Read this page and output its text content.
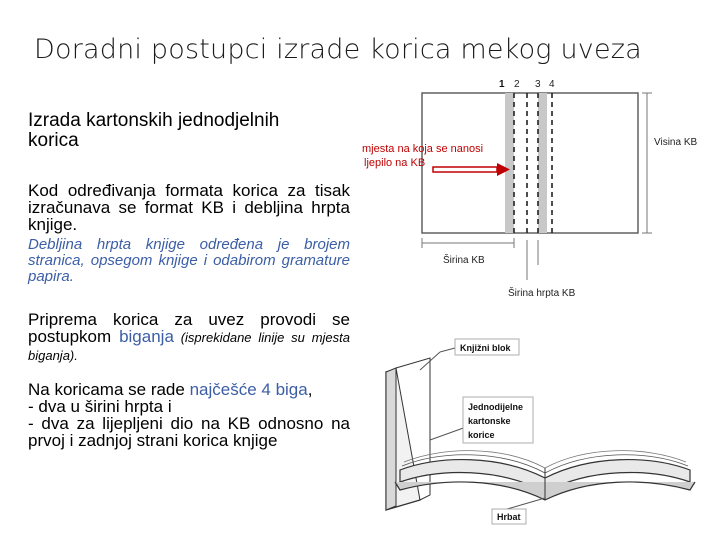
Doradni postupci izrade korica mekog uveza
Izrada kartonskih jednodjelnih
korica
Kod određivanja formata korica za tisak izračunava se format KB i debljina hrpta knjige.
Debljina hrpta knjige određena je brojem stranica, opsegom knjige i odabirom gramature papira.
Priprema korica za uvez provodi se postupkom biganja (isprekidane linije su mjesta biganja).
Na koricama se rade najčešće 4 biga,
- dva u širini hrpta i

- dva za lijepljeni dio na KB odnosno na prvoj i zadnjoj strani korica knjige
1 2 3 4
Visina KB
Širina KB
Širina hrpta KB
mjesta na koja se nanosi
ljepilo na KB
Knjižni blok
Jednodijelne
kartonske
korice
Hrbat
